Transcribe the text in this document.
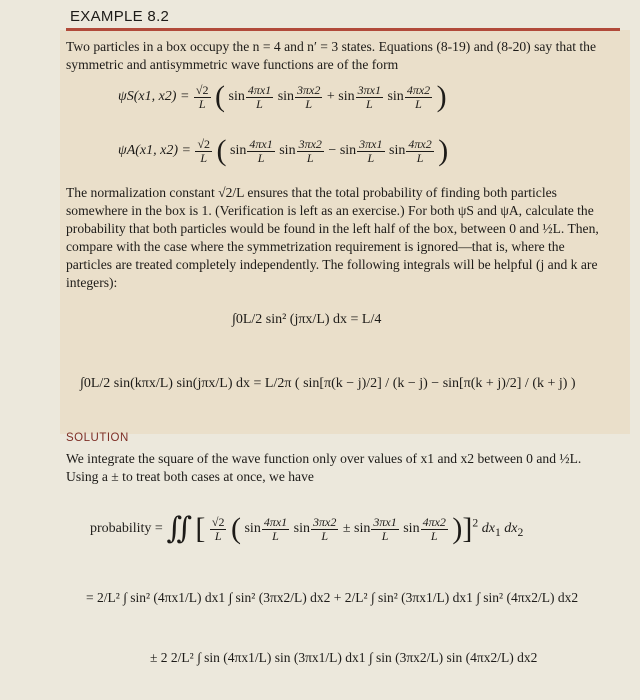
EXAMPLE 8.2
Two particles in a box occupy the n = 4 and n′ = 3 states. Equations (8-19) and (8-20) say that the symmetric and antisymmetric wave functions are of the form
ψS(x1, $x2) = \frac{√2}{L}$ ( $\sin \frac{4\pi x1}{L}$ $\sin \frac{3\pi x2}{L} + \sin \frac{3\pi x1}{L}$ $\sin \frac{4\pi x2}{L}$ )
ψA(x1, $x2) = \frac{√2}{L}$ ( $\sin \frac{4\pi x1}{L}$ $\sin \frac{3\pi x2}{L} - \sin \frac{3\pi x1}{L}$ $\sin \frac{4\pi x2}{L}$ )
The normalization constant √2/L ensures that the total probability of finding both particles somewhere in the box is 1. (Verification is left as an exercise.) For both ψS and ψA, calculate the probability that both particles would be found in the left half of the box, between 0 and ½L. Then, compare with the case where the symmetrization requirement is ignored—that is, where the particles are treated completely independently. The following integrals will be helpful (j and k are integers):
∫0L/2 sin² (jπx/L) dx = L/4
∫0L/2 sin(kπx/L) sin(jπx/L) dx = L/2π ( sin[π(k − j)/2] / (k − j) − sin[π(k + j)/2] / (k + j) )
SOLUTION
We integrate the square of the wave function only over values of x1 and x2 between 0 and ½L. Using a ± to treat both cases at once, we have
probability = ∬ [ $\frac{√2}{L}$ ( $\sin \frac{4\pi x1}{L}$ $\sin \frac{3\pi x2}{L} \pm \sin \frac{3\pi x1}{L}$ $\sin \frac{4\pi x2}{L} )]^2$ $dx_1$ $dx_2$
= 2/L² ∫ sin² (4πx1/L) dx1 ∫ sin² (3πx2/L) dx2 + 2/L² ∫ sin² (3πx1/L) dx1 ∫ sin² (4πx2/L) dx2
± 2 2/L² ∫ sin (4πx1/L) sin (3πx1/L) dx1 ∫ sin (3πx2/L) sin (4πx2/L) dx2
